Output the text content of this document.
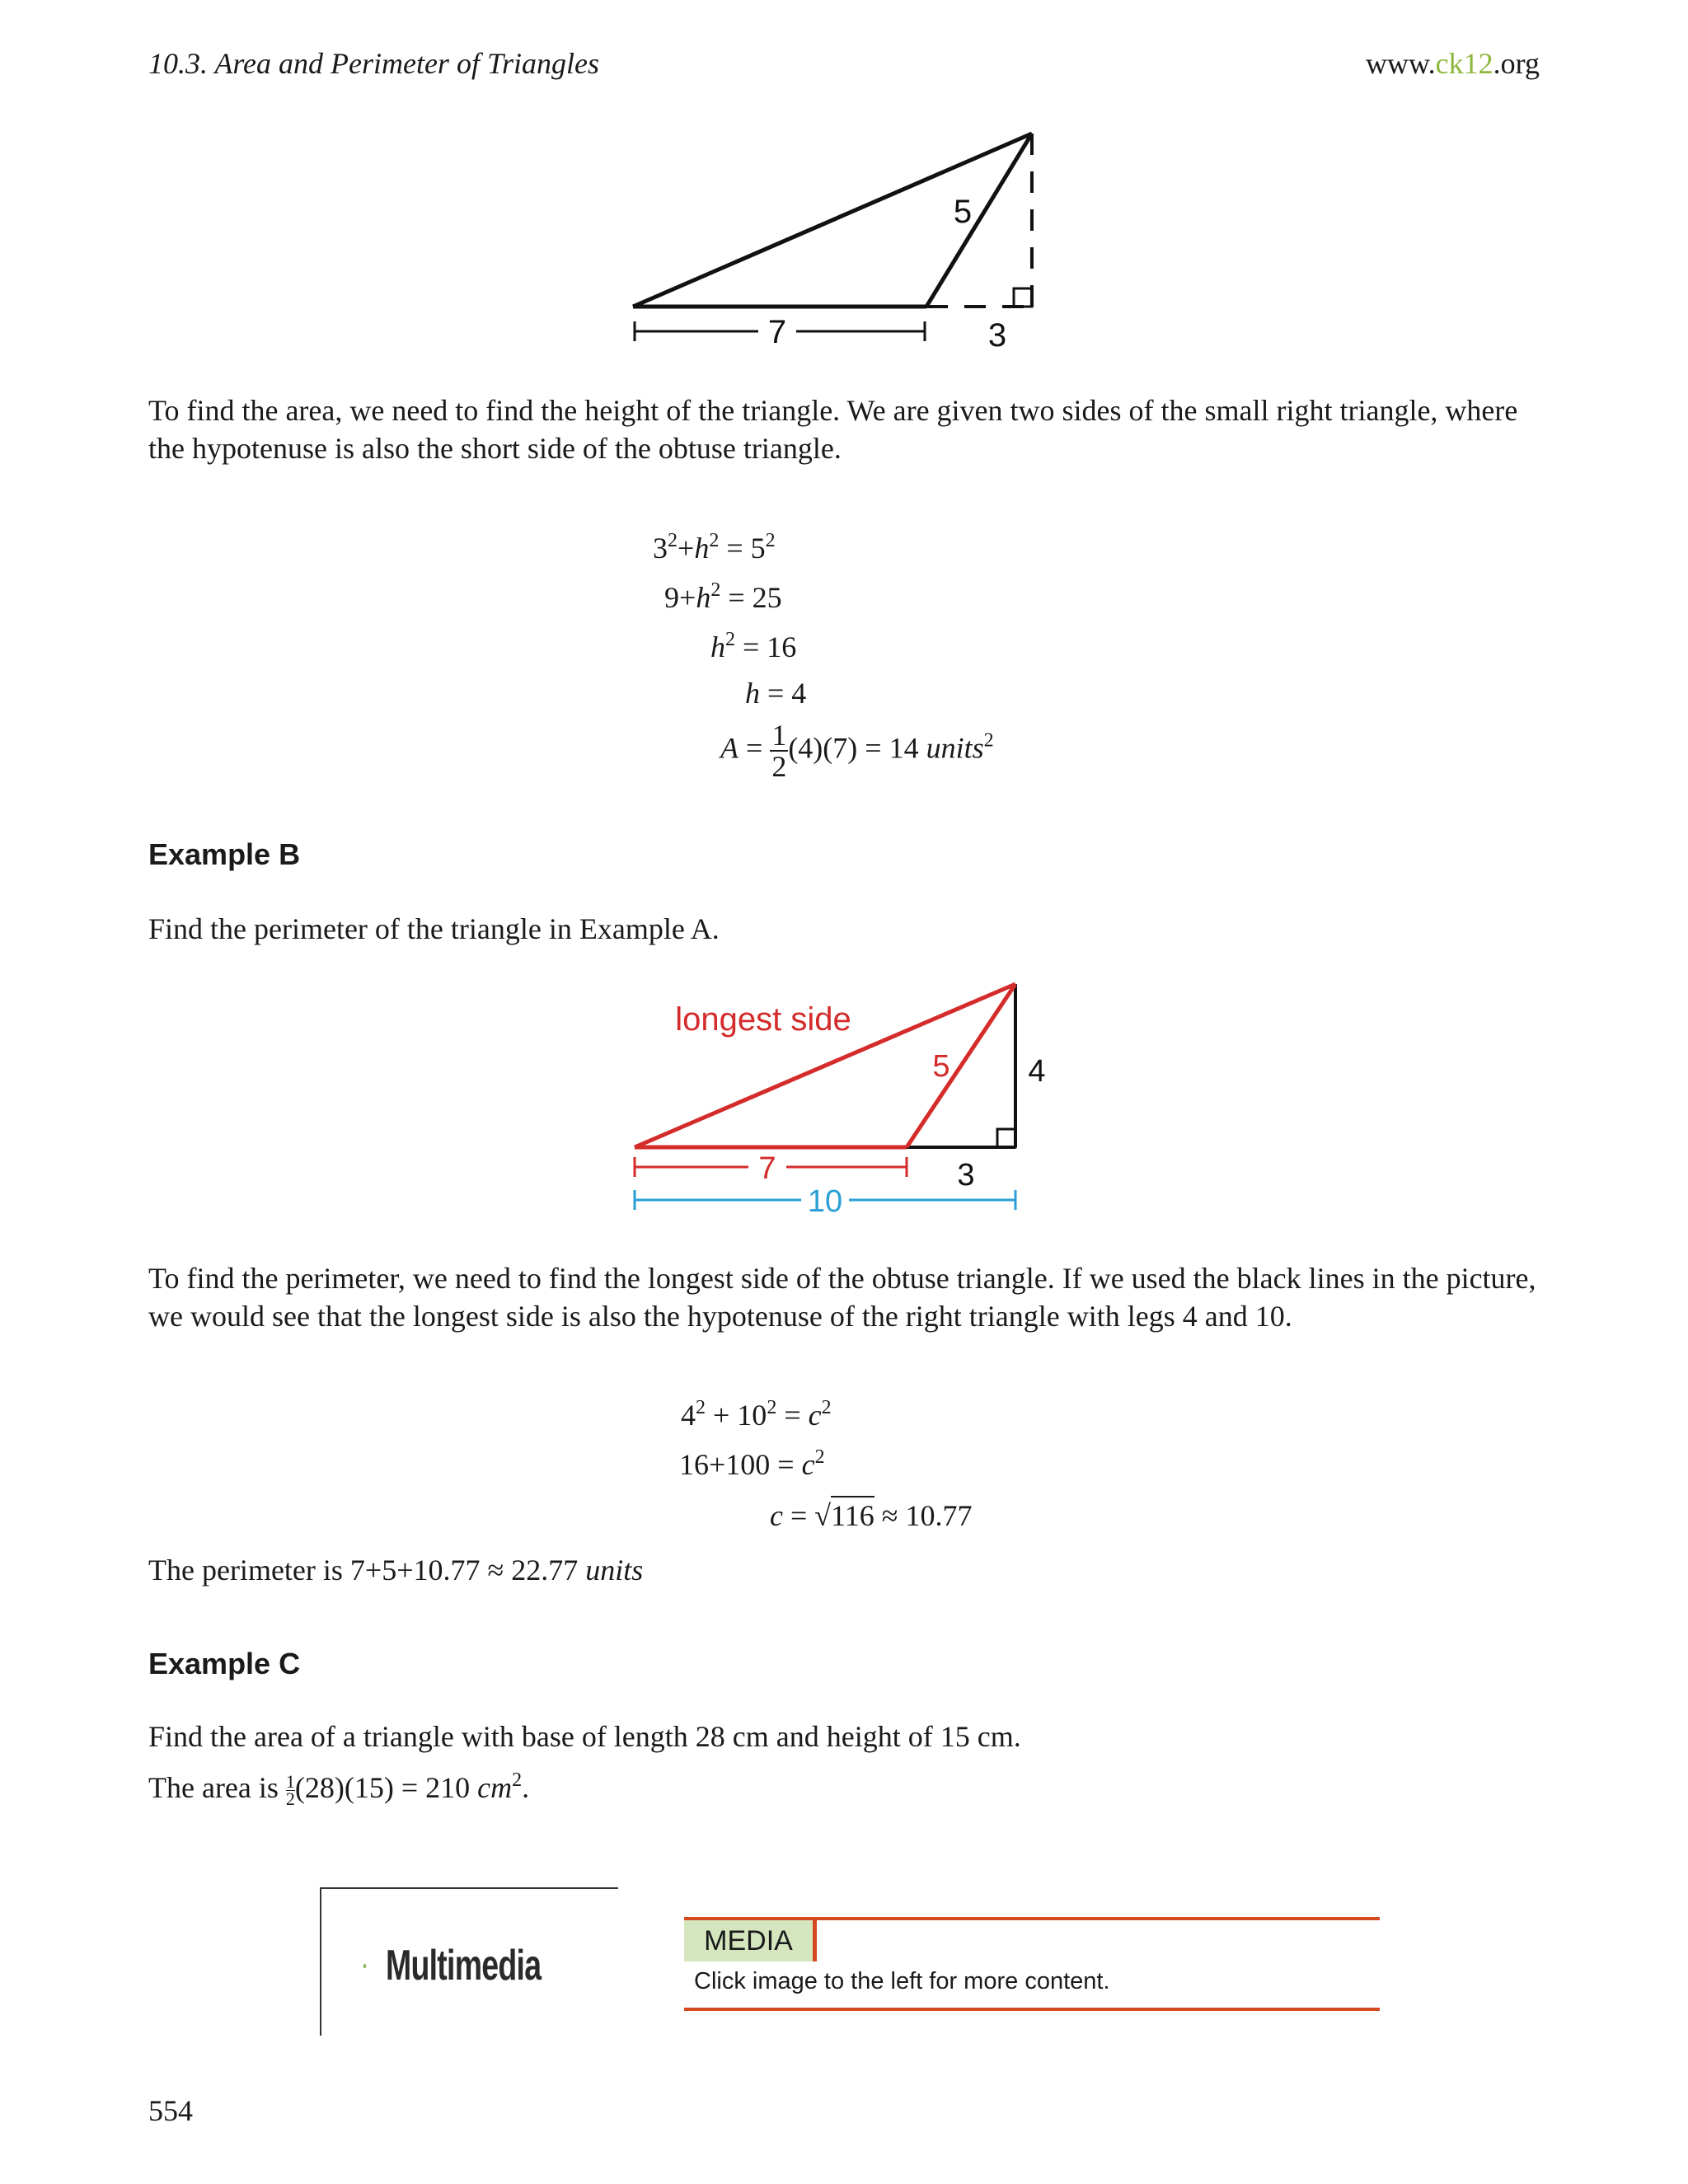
10.3. Area and Perimeter of Triangles	www.ck12.org
7	3
5
To find the area, we need to find the height of the triangle. We are given two sides of the small right triangle, where the hypotenuse is also the short side of the obtuse triangle.
$3^2+h^2 = 5^2$
$9+h^2 = 25$
$h^2 = 16$
h = 4
$A = \frac{1}{2} (4)(7) = 14$ units$^2$
Example B
Find the perimeter of the triangle in Example A.
7
10
3
4
5
longest side
To find the perimeter, we need to find the longest side of the obtuse triangle. If we used the black lines in the picture, we would see that the longest side is also the hypotenuse of the right triangle with legs 4 and 10.
$4^2 + 10^2 = c^2$
$16+100 = c^2$
c = √116 ≈ 10.77
The perimeter is 7+5+10.77 ≈ 22.77 units
Example C
Find the area of a triangle with base of length 28 cm and height of 15 cm.
The area is $\frac{1}{2} (28)(15) = 210$ $cm^2$.
Multimedia
MEDIA
Click image to the left for more content.
554
